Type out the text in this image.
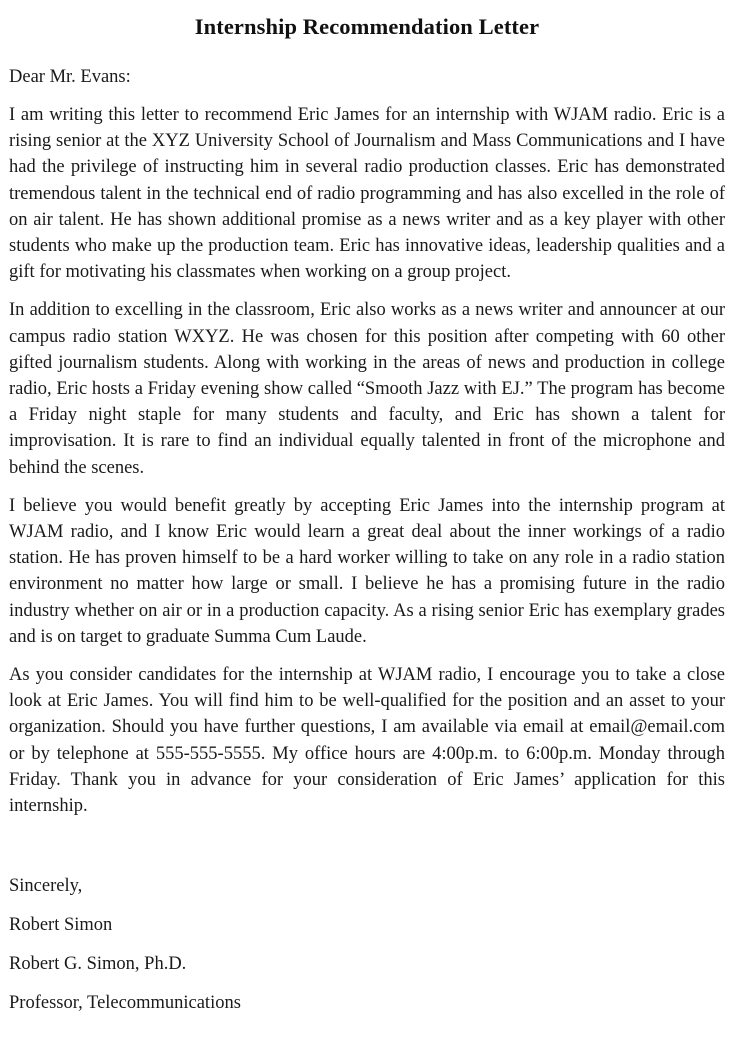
Internship Recommendation Letter

Dear Mr. Evans:

I am writing this letter to recommend Eric James for an internship with WJAM radio. Eric is a rising senior at the XYZ University School of Journalism and Mass Communications and I have had the privilege of instructing him in several radio production classes. Eric has demonstrated tremendous talent in the technical end of radio programming and has also excelled in the role of on air talent. He has shown additional promise as a news writer and as a key player with other students who make up the production team. Eric has innovative ideas, leadership qualities and a gift for motivating his classmates when working on a group project.

In addition to excelling in the classroom, Eric also works as a news writer and announcer at our campus radio station WXYZ. He was chosen for this position after competing with 60 other gifted journalism students. Along with working in the areas of news and production in college radio, Eric hosts a Friday evening show called “Smooth Jazz with EJ.” The program has become a Friday night staple for many students and faculty, and Eric has shown a talent for improvisation. It is rare to find an individual equally talented in front of the microphone and behind the scenes.

I believe you would benefit greatly by accepting Eric James into the internship program at WJAM radio, and I know Eric would learn a great deal about the inner workings of a radio station. He has proven himself to be a hard worker willing to take on any role in a radio station environment no matter how large or small. I believe he has a promising future in the radio industry whether on air or in a production capacity. As a rising senior Eric has exemplary grades and is on target to graduate Summa Cum Laude.

As you consider candidates for the internship at WJAM radio, I encourage you to take a close look at Eric James. You will find him to be well-qualified for the position and an asset to your organization. Should you have further questions, I am available via email at email@email.com or by telephone at 555-555-5555. My office hours are 4:00p.m. to 6:00p.m. Monday through Friday. Thank you in advance for your consideration of Eric James’ application for this internship.

Sincerely,
Robert Simon
Robert G. Simon, Ph.D.
Professor, Telecommunications
